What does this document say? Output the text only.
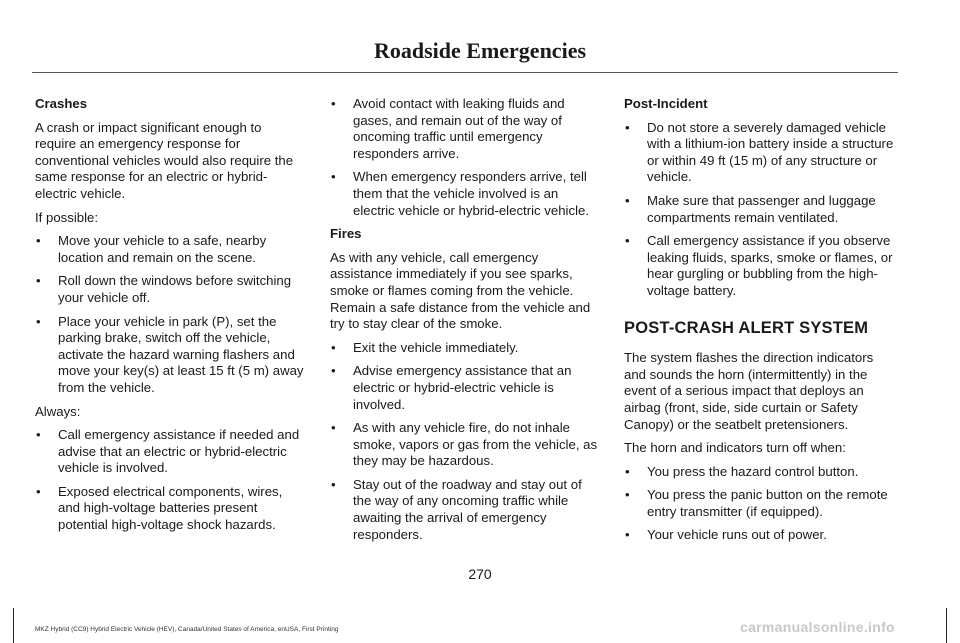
Roadside Emergencies
Crashes
A crash or impact significant enough to require an emergency response for conventional vehicles would also require the same response for an electric or hybrid-electric vehicle.
If possible:
• Move your vehicle to a safe, nearby location and remain on the scene.
• Roll down the windows before switching your vehicle off.
• Place your vehicle in park (P), set the parking brake, switch off the vehicle, activate the hazard warning flashers and move your key(s) at least 15 ft (5 m) away from the vehicle.
Always:
• Call emergency assistance if needed and advise that an electric or hybrid-electric vehicle is involved.
• Exposed electrical components, wires, and high-voltage batteries present potential high-voltage shock hazards.
• Avoid contact with leaking fluids and gases, and remain out of the way of oncoming traffic until emergency responders arrive.
• When emergency responders arrive, tell them that the vehicle involved is an electric vehicle or hybrid-electric vehicle.
Fires
As with any vehicle, call emergency assistance immediately if you see sparks, smoke or flames coming from the vehicle. Remain a safe distance from the vehicle and try to stay clear of the smoke.
• Exit the vehicle immediately.
• Advise emergency assistance that an electric or hybrid-electric vehicle is involved.
• As with any vehicle fire, do not inhale smoke, vapors or gas from the vehicle, as they may be hazardous.
• Stay out of the roadway and stay out of the way of any oncoming traffic while awaiting the arrival of emergency responders.
Post-Incident
• Do not store a severely damaged vehicle with a lithium-ion battery inside a structure or within 49 ft (15 m) of any structure or vehicle.
• Make sure that passenger and luggage compartments remain ventilated.
• Call emergency assistance if you observe leaking fluids, sparks, smoke or flames, or hear gurgling or bubbling from the high-voltage battery.
POST-CRASH ALERT SYSTEM
The system flashes the direction indicators and sounds the horn (intermittently) in the event of a serious impact that deploys an airbag (front, side, side curtain or Safety Canopy) or the seatbelt pretensioners.
The horn and indicators turn off when:
• You press the hazard control button.
• You press the panic button on the remote entry transmitter (if equipped).
• Your vehicle runs out of power.
270
MKZ Hybrid (CC9) Hybrid Electric Vehicle (HEV), Canada/United States of America, enUSA, First Printing	carmanualsonline.info
